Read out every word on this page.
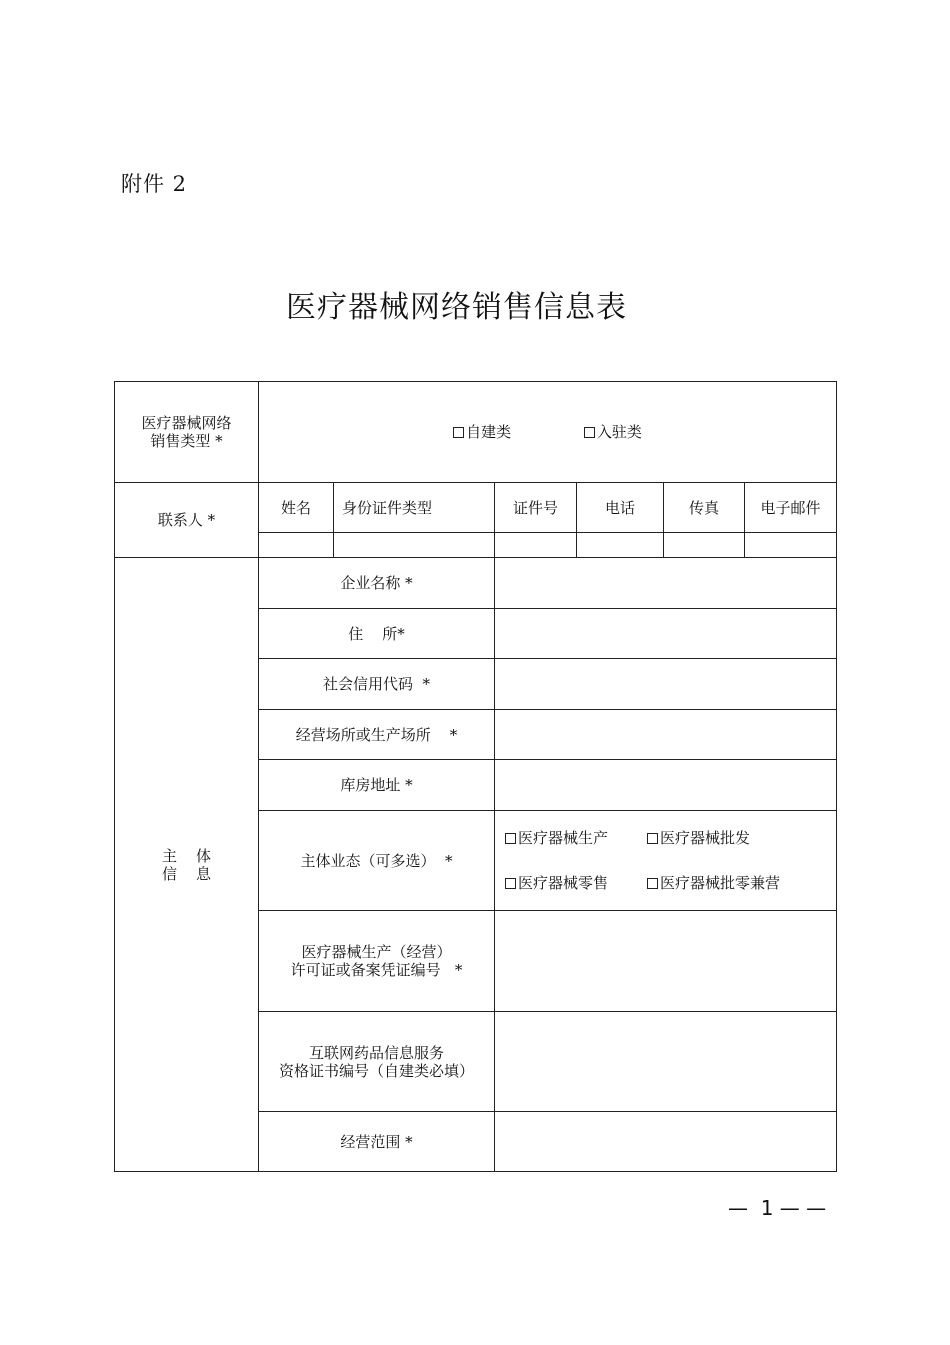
附件 2
医疗器械网络销售信息表
医疗器械网络
销售类型 *	自建类 入驻类					
联系人 *	姓名	身份证件类型	证件号	电话	传真	电子邮件

主    体
信    息	企业名称 *					
	住    所*					
	社会信用代码  *					
	经营场所或生产场所    *					
	库房地址 *					
	主体业态（可多选）  *		医疗器械生产 医疗器械批发
医疗器械零售 医疗器械批零兼营			

	医疗器械生产（经营）
许可证或备案凭证编号   *					

	互联网药品信息服务
资格证书编号（自建类必填）					

	经营范围 *					
—  1 — —
